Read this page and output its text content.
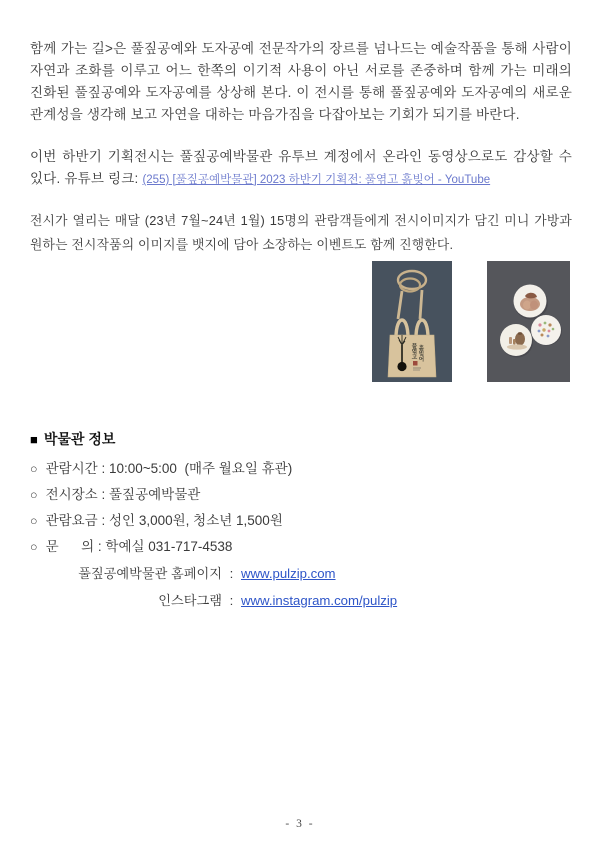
함께 가는 길>은 풀짚공예와 도자공예 전문작가의 장르를 넘나드는 예술작품을 통해 사람이 자연과 조화를 이루고 어느 한쪽의 이기적 사용이 아닌 서로를 존중하며 함께 가는 미래의 진화된 풀짚공예와 도자공예를 상상해 본다. 이 전시를 통해 풀짚공예와 도자공예의 새로운 관계성을 생각해 보고 자연을 대하는 마음가짐을 다잡아보는 기회가 되기를 바란다.

이번 하반기 기획전시는 풀짚공예박물관 유투브 계정에서 온라인 동영상으로도 감상할 수 있다. 유튜브 링크: (255) [풀짚공예박물관] 2023 하반기 기획전: 풀엮고 흙빚어 - YouTube

전시가 열리는 매달 (23년 7월~24년 1월) 15명의 관람객들에게 전시이미지가 담긴 미니 가방과 원하는 전시작품의 이미지를 뱃지에 담아 소장하는 이벤트도 함께 진행한다.

풀엮고 흙빚어
■ 박물관 정보
○ 관람시간 : 10:00~5:00  (매주 월요일 휴관)
○ 전시장소 : 풀짚공예박물관
○ 관람요금 : 성인 3,000원, 청소년 1,500원
○ 문      의 : 학예실 031-717-4538
풀짚공예박물관 홈페이지 : www.pulzip.com
인스타그램 : www.instagram.com/pulzip
- 3 -
